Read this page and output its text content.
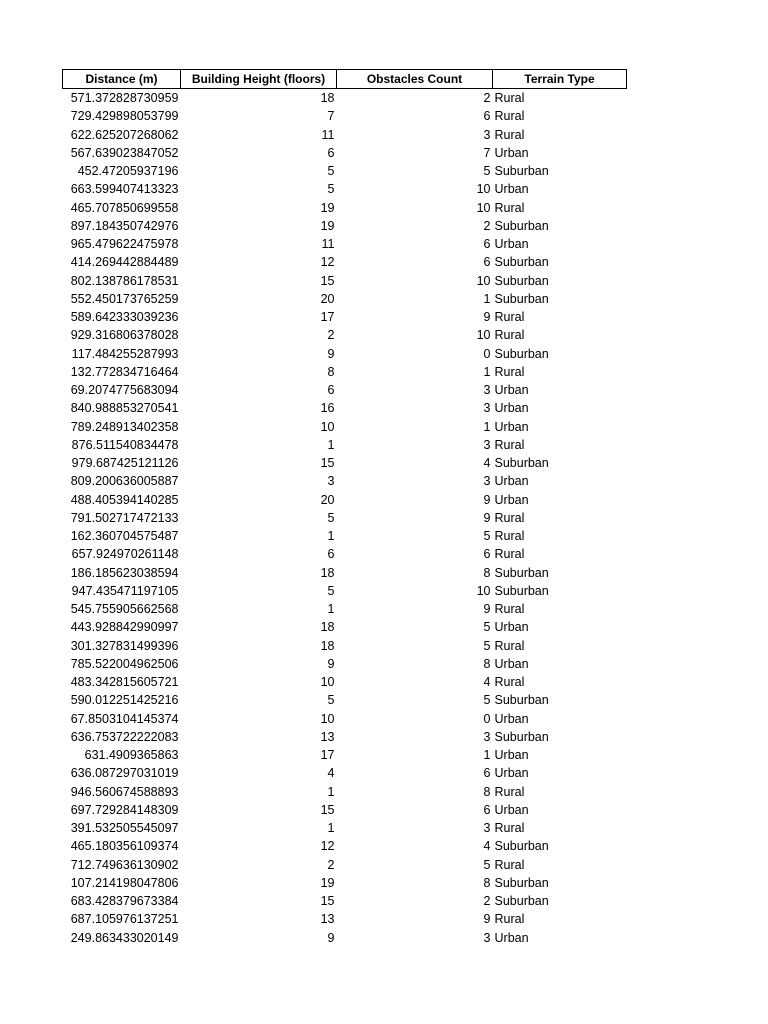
Distance (m)	Building Height (floors)	Obstacles Count	Terrain Type
571.372828730959	18	2	Rural
729.429898053799	7	6	Rural
622.625207268062	11	3	Rural
567.639023847052	6	7	Urban
452.47205937196	5	5	Suburban
663.599407413323	5	10	Urban
465.707850699558	19	10	Rural
897.184350742976	19	2	Suburban
965.479622475978	11	6	Urban
414.269442884489	12	6	Suburban
802.138786178531	15	10	Suburban
552.450173765259	20	1	Suburban
589.642333039236	17	9	Rural
929.316806378028	2	10	Rural
117.484255287993	9	0	Suburban
132.772834716464	8	1	Rural
69.2074775683094	6	3	Urban
840.988853270541	16	3	Urban
789.248913402358	10	1	Urban
876.511540834478	1	3	Rural
979.687425121126	15	4	Suburban
809.200636005887	3	3	Urban
488.405394140285	20	9	Urban
791.502717472133	5	9	Rural
162.360704575487	1	5	Rural
657.924970261148	6	6	Rural
186.185623038594	18	8	Suburban
947.435471197105	5	10	Suburban
545.755905662568	1	9	Rural
443.928842990997	18	5	Urban
301.327831499396	18	5	Rural
785.522004962506	9	8	Urban
483.342815605721	10	4	Rural
590.012251425216	5	5	Suburban
67.8503104145374	10	0	Urban
636.753722222083	13	3	Suburban
631.4909365863	17	1	Urban
636.087297031019	4	6	Urban
946.560674588893	1	8	Rural
697.729284148309	15	6	Urban
391.532505545097	1	3	Rural
465.180356109374	12	4	Suburban
712.749636130902	2	5	Rural
107.214198047806	19	8	Suburban
683.428379673384	15	2	Suburban
687.105976137251	13	9	Rural
249.863433020149	9	3	Urban
